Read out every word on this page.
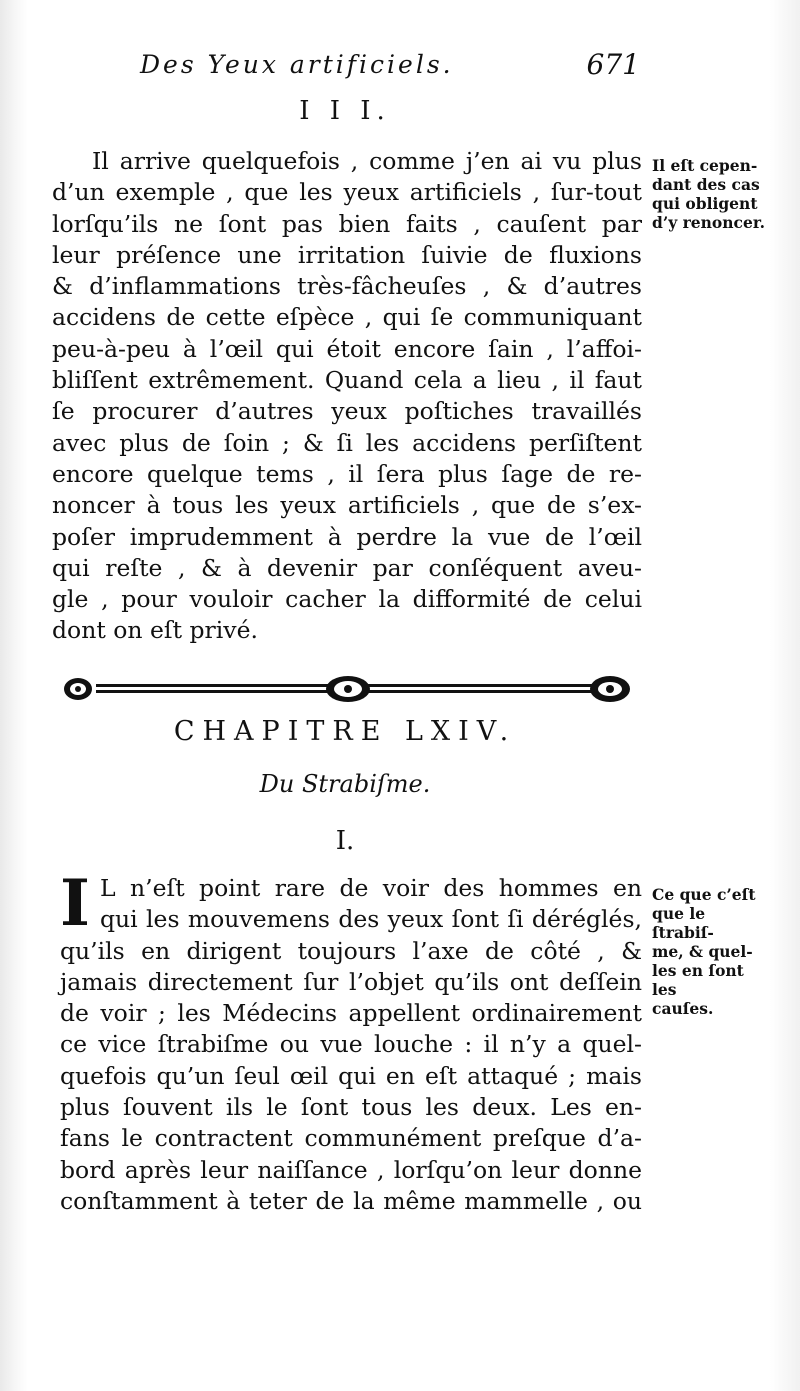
Des Yeux artificiels.	671
I I I.
Il arrive quelquefois , comme j’en ai vu plus
d’un exemple , que les yeux artificiels , ſur-tout
lorſqu’ils ne ſont pas bien faits , cauſent par
leur préſence une irritation ſuivie de fluxions
& d’inflammations très-fâcheuſes , & d’autres
accidens de cette eſpèce , qui ſe communiquant
peu-à-peu à l’œil qui étoit encore ſain , l’affoi-
bliſſent extrêmement. Quand cela a lieu , il faut
ſe procurer d’autres yeux poſtiches travaillés
avec plus de ſoin ; & ſi les accidens perſiſtent
encore quelque tems , il ſera plus ſage de re-
noncer à tous les yeux artificiels , que de s’ex-
poſer imprudemment à perdre la vue de l’œil
qui reſte , & à devenir par conſéquent aveu-
gle , pour vouloir cacher la difformité de celui
dont on eſt privé.
Il eſt cepen-
dant des cas
qui obligent
d’y renoncer.
CHAPITRE LXIV.
Du Strabiſme.
I.
I L n’eſt point rare de voir des hommes en
qui les mouvemens des yeux ſont ſi déréglés,
qu’ils en dirigent toujours l’axe de côté , &
jamais directement ſur l’objet qu’ils ont deſſein
de voir ; les Médecins appellent ordinairement
ce vice ſtrabiſme ou vue louche : il n’y a quel-
quefois qu’un ſeul œil qui en eſt attaqué ; mais
plus ſouvent ils le ſont tous les deux. Les en-
fans le contractent communément preſque d’a-
bord après leur naiſſance , lorſqu’on leur donne
conſtamment à teter de la même mammelle , ou
Ce que c’eſt
que le ſtrabiſ-
me, & quel-
les en ſont les
cauſes.
